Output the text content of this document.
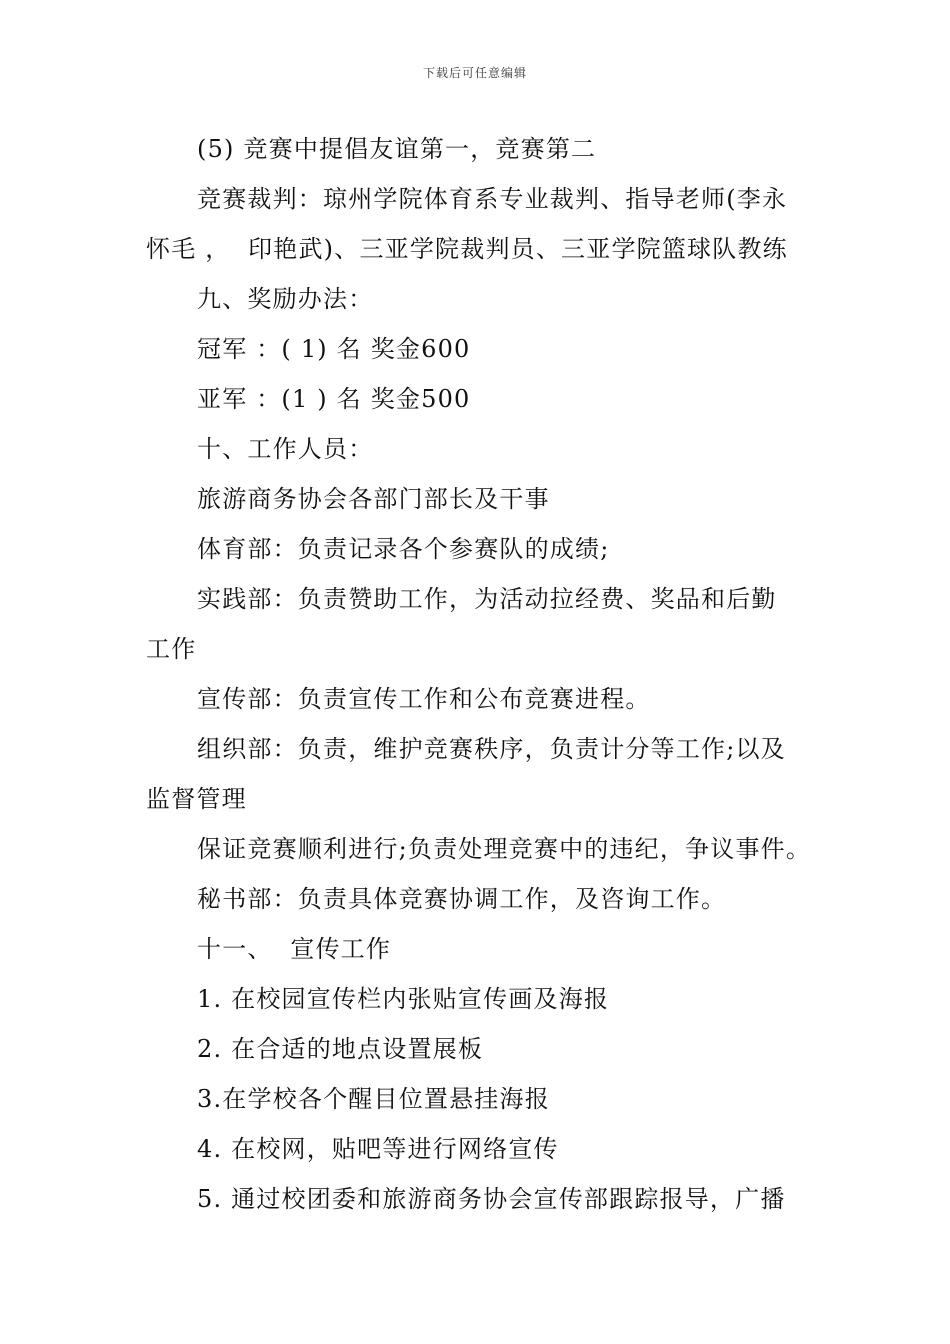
下载后可任意编辑
(5) 竞赛中提倡友谊第一，竞赛第二
竞赛裁判：琼州学院体育系专业裁判、指导老师(李永
怀毛 ，  印艳武)、三亚学院裁判员、三亚学院篮球队教练
九、奖励办法：
冠军 ：( 1) 名 奖金600
亚军 ：(1 ) 名 奖金500
十、工作人员：
旅游商务协会各部门部长及干事
体育部：负责记录各个参赛队的成绩;
实践部：负责赞助工作，为活动拉经费、奖品和后勤
工作
宣传部：负责宣传工作和公布竞赛进程。
组织部：负责，维护竞赛秩序，负责计分等工作;以及
监督管理
保证竞赛顺利进行;负责处理竞赛中的违纪，争议事件。
秘书部：负责具体竞赛协调工作，及咨询工作。
十一、  宣传工作
1. 在校园宣传栏内张贴宣传画及海报
2. 在合适的地点设置展板
3.在学校各个醒目位置悬挂海报
4. 在校网，贴吧等进行网络宣传
5. 通过校团委和旅游商务协会宣传部跟踪报导，广播
